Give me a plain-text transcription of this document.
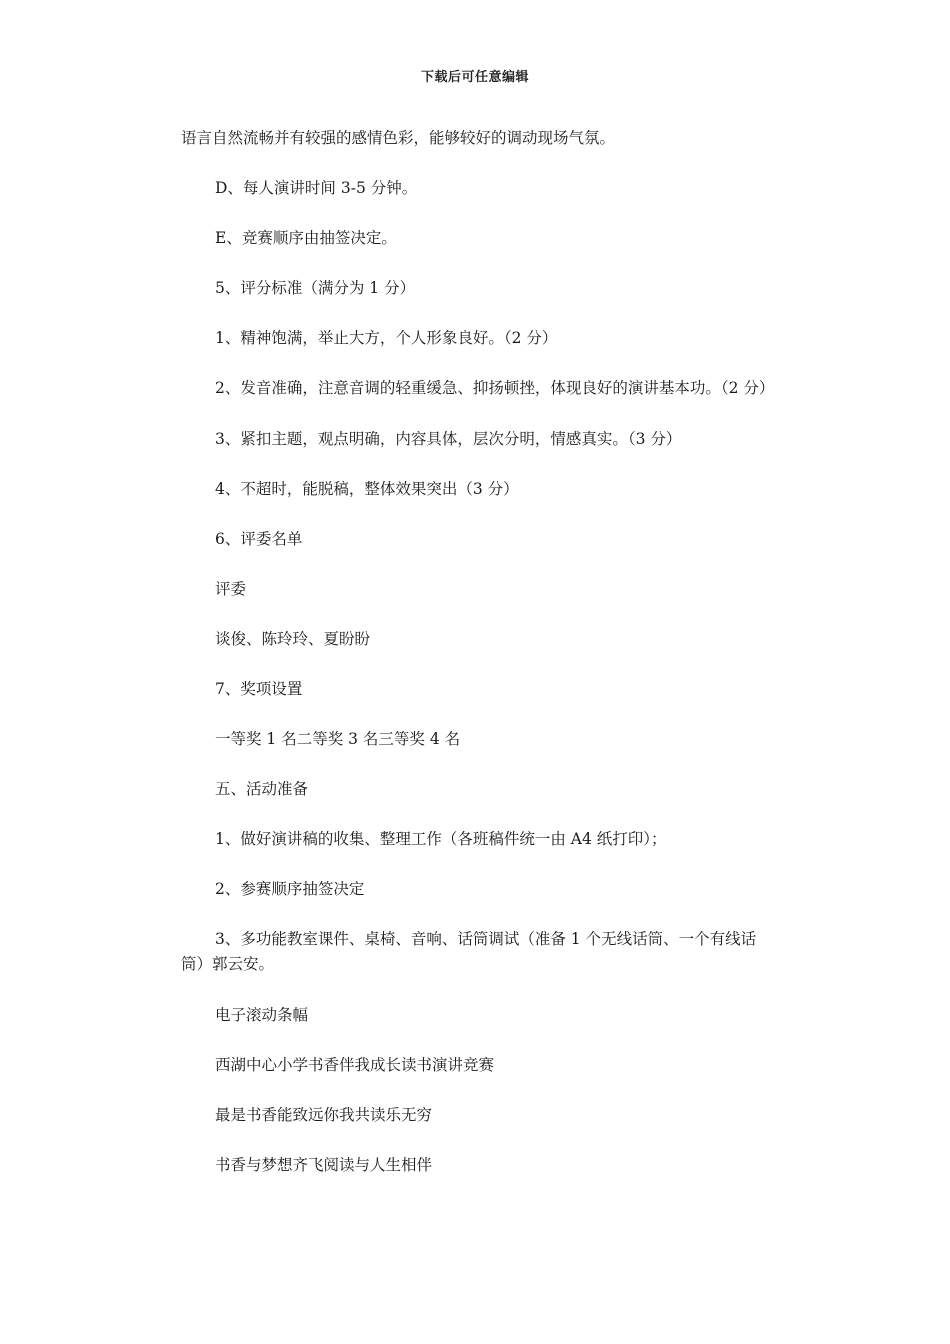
下载后可任意编辑

语言自然流畅并有较强的感情色彩，能够较好的调动现场气氛。

D、每人演讲时间 3-5 分钟。

E、竞赛顺序由抽签决定。

5、评分标准（满分为 1 分）

1、精神饱满，举止大方，个人形象良好。（2 分）

2、发音准确，注意音调的轻重缓急、抑扬顿挫，体现良好的演讲基本功。（2 分）

3、紧扣主题，观点明确，内容具体，层次分明，情感真实。（3 分）

4、不超时，能脱稿，整体效果突出（3 分）

6、评委名单

评委

谈俊、陈玲玲、夏盼盼

7、奖项设置

一等奖 1 名二等奖 3 名三等奖 4 名

五、活动准备

1、做好演讲稿的收集、整理工作（各班稿件统一由 A4 纸打印）；

2、参赛顺序抽签决定

3、多功能教室课件、桌椅、音响、话筒调试（准备 1 个无线话筒、一个有线话筒）郭云安。

电子滚动条幅

西湖中心小学书香伴我成长读书演讲竞赛

最是书香能致远你我共读乐无穷

书香与梦想齐飞阅读与人生相伴
